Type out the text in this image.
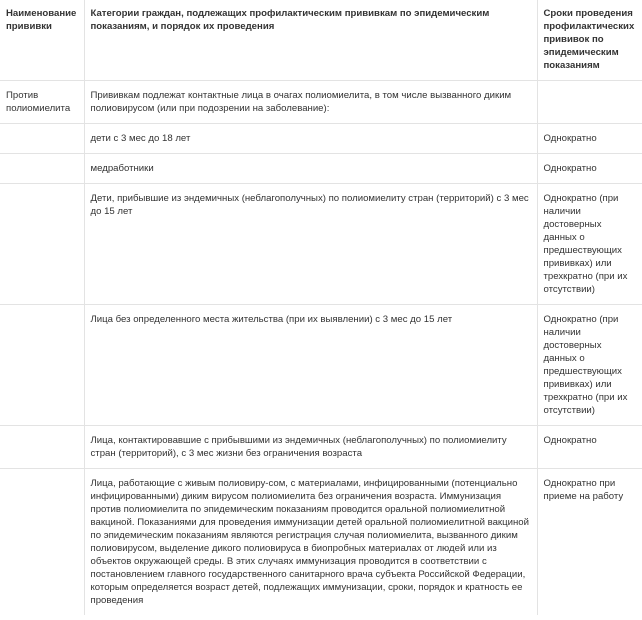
Наименование прививки	Категории граждан, подлежащих профилактическим прививкам по эпидемическим показаниям, и порядок их проведения	Сроки проведения профилактических прививок по эпидемическим показаниям
Против полиомиелита	Прививкам подлежат контактные лица в очагах полиомиелита, в том числе вызванного диким полиовирусом (или при подозрении на заболевание):	
	дети с 3 мес до 18 лет	Однократно
	медработники	Однократно
	Дети, прибывшие из эндемичных (неблагополучных) по полиомиелиту стран (территорий) с 3 мес до 15 лет	Однократно (при наличии достоверных данных о предшествующих прививках) или трехкратно (при их отсутствии)
	Лица без определенного места жительства (при их выявлении) с 3 мес до 15 лет	Однократно (при наличии достоверных данных о предшествующих прививках) или трехкратно (при их отсутствии)
	Лица, контактировавшие с прибывшими из эндемичных (неблагополучных) по полиомиелиту стран (территорий), с 3 мес жизни без ограничения возраста	Однократно
	Лица, работающие с живым полиовиру-сом, с материалами, инфицированными (потенциально инфицированными) диким вирусом полиомиелита без ограничения возраста. Иммунизация против полиомиелита по эпидемическим показаниям проводится оральной полиомиелитной вакциной. Показаниями для проведения иммунизации детей оральной полиомиелитной вакциной по эпидемическим показаниям являются регистрация случая полиомиелита, вызванного диким полиовирусом, выделение дикого полиовируса в биопробных материалах от людей или из объектов окружающей среды. В этих случаях иммунизация проводится в соответствии с постановлением главного государственного санитарного врача субъекта Российской Федерации, которым определяется возраст детей, подлежащих иммунизации, сроки, порядок и кратность ее проведения	Однократно при приеме на работу
